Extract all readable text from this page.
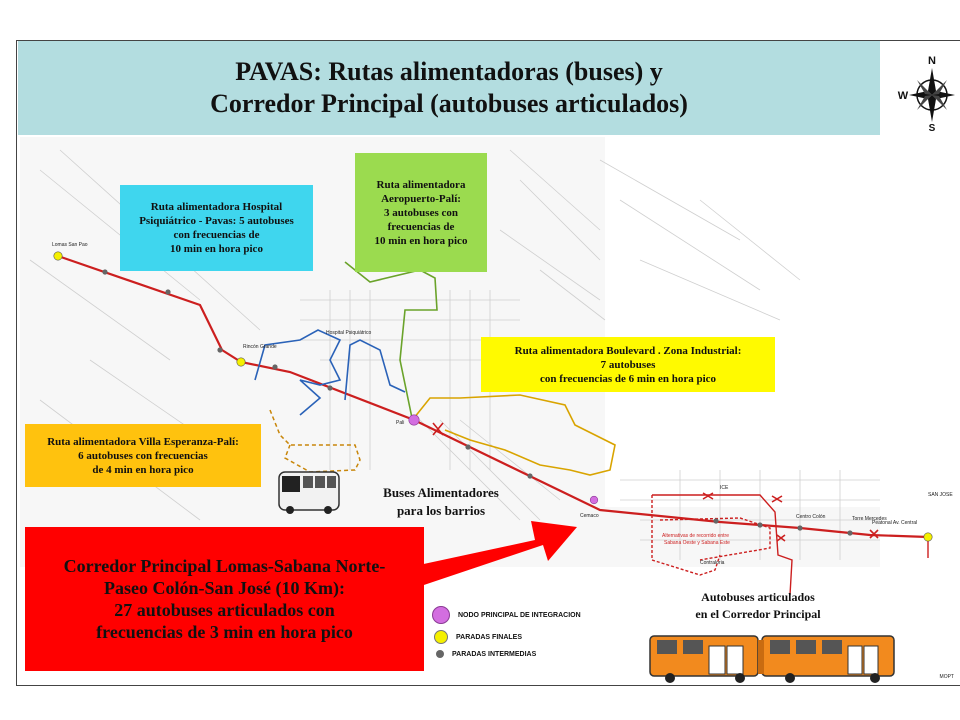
N
W
S
PAVAS: Rutas alimentadoras (buses) y
Corredor Principal (autobuses articulados)
Lomas San Pao
Rincón Grande
Hospital Psiquiátrico
Pali
Cemaco
ICE
Centro Colón	Torre Mercedes
Peatonal Av. Central
SAN JOSE
Contraloria
Alternativas de recorrido entre
Sabana Oeste y Sabana Este
MOPT
Ruta alimentadora Hospital
Psiquiátrico - Pavas: 5 autobuses
con frecuencias de
10 min en hora pico
Ruta alimentadora
Aeropuerto-Palí:
3 autobuses con
frecuencias de
10 min en hora pico
Ruta alimentadora Boulevard . Zona Industrial:
7 autobuses
con frecuencias de 6 min en hora pico
Ruta alimentadora Villa Esperanza-Palí:
6 autobuses con frecuencias
de 4 min en hora pico
Corredor Principal Lomas-Sabana Norte-
Paseo Colón-San José (10 Km):
27 autobuses articulados con
frecuencias de 3 min en hora pico
Buses Alimentadores
para los barrios
Autobuses articulados
en el Corredor Principal
NODO PRINCIPAL DE INTEGRACION
PARADAS FINALES
PARADAS INTERMEDIAS
